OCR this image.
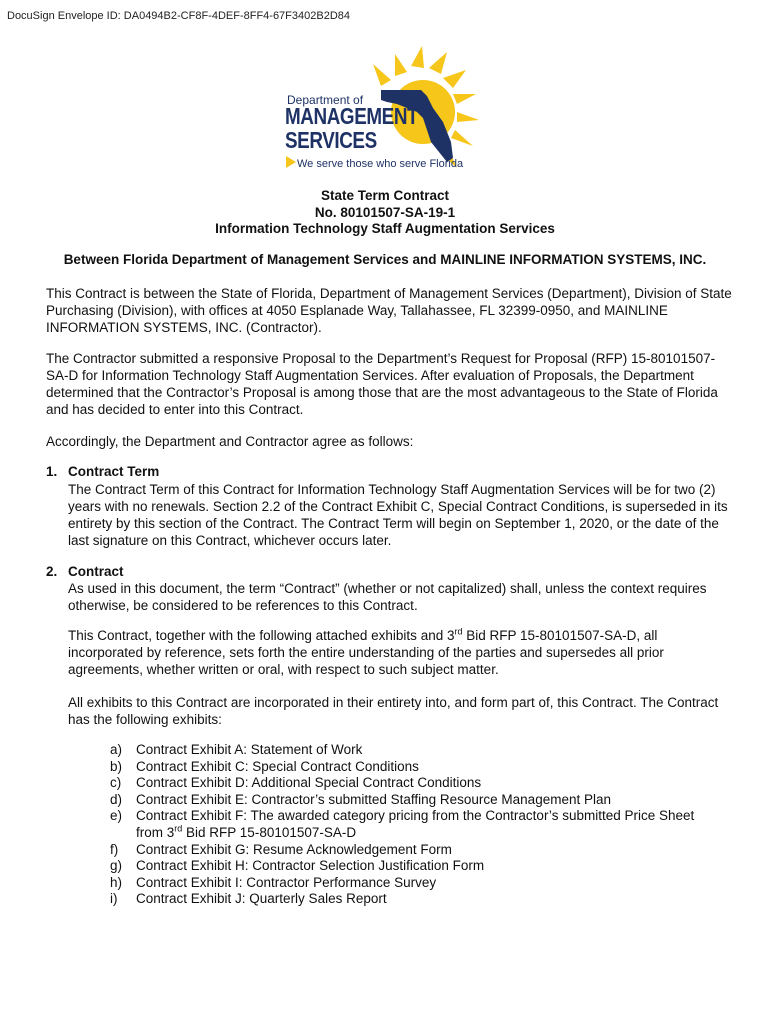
DocuSign Envelope ID: DA0494B2-CF8F-4DEF-8FF4-67F3402B2D84
Department of
MANAGEMENT
SERVICES
We serve those who serve Florida
State Term Contract
No. 80101507-SA-19-1
Information Technology Staff Augmentation Services
Between Florida Department of Management Services and MAINLINE INFORMATION SYSTEMS, INC.

This Contract is between the State of Florida, Department of Management Services (Department), Division of State Purchasing (Division), with offices at 4050 Esplanade Way, Tallahassee, FL 32399-0950, and MAINLINE INFORMATION SYSTEMS, INC. (Contractor).

The Contractor submitted a responsive Proposal to the Department’s Request for Proposal (RFP) 15-80101507-SA-D for Information Technology Staff Augmentation Services. After evaluation of Proposals, the Department determined that the Contractor’s Proposal is among those that are the most advantageous to the State of Florida and has decided to enter into this Contract.

Accordingly, the Department and Contractor agree as follows:

1. Contract Term

The Contract Term of this Contract for Information Technology Staff Augmentation Services will be for two (2) years with no renewals. Section 2.2 of the Contract Exhibit C, Special Contract Conditions, is superseded in its entirety by this section of the Contract. The Contract Term will begin on September 1, 2020, or the date of the last signature on this Contract, whichever occurs later.

2. Contract

As used in this document, the term “Contract” (whether or not capitalized) shall, unless the context requires otherwise, be considered to be references to this Contract.

This Contract, together with the following attached exhibits and 3rd Bid RFP 15-80101507-SA-D, all incorporated by reference, sets forth the entire understanding of the parties and supersedes all prior agreements, whether written or oral, with respect to such subject matter.

All exhibits to this Contract are incorporated in their entirety into, and form part of, this Contract. The Contract has the following exhibits:

a)	Contract Exhibit A: Statement of Work
b)	Contract Exhibit C: Special Contract Conditions
c)	Contract Exhibit D: Additional Special Contract Conditions
d)	Contract Exhibit E: Contractor’s submitted Staffing Resource Management Plan
e)	Contract Exhibit F: The awarded category pricing from the Contractor’s submitted Price Sheet
from 3rd Bid RFP 15-80101507-SA-D
f)	Contract Exhibit G: Resume Acknowledgement Form
g)	Contract Exhibit H: Contractor Selection Justification Form
h)	Contract Exhibit I: Contractor Performance Survey
i)	Contract Exhibit J: Quarterly Sales Report
